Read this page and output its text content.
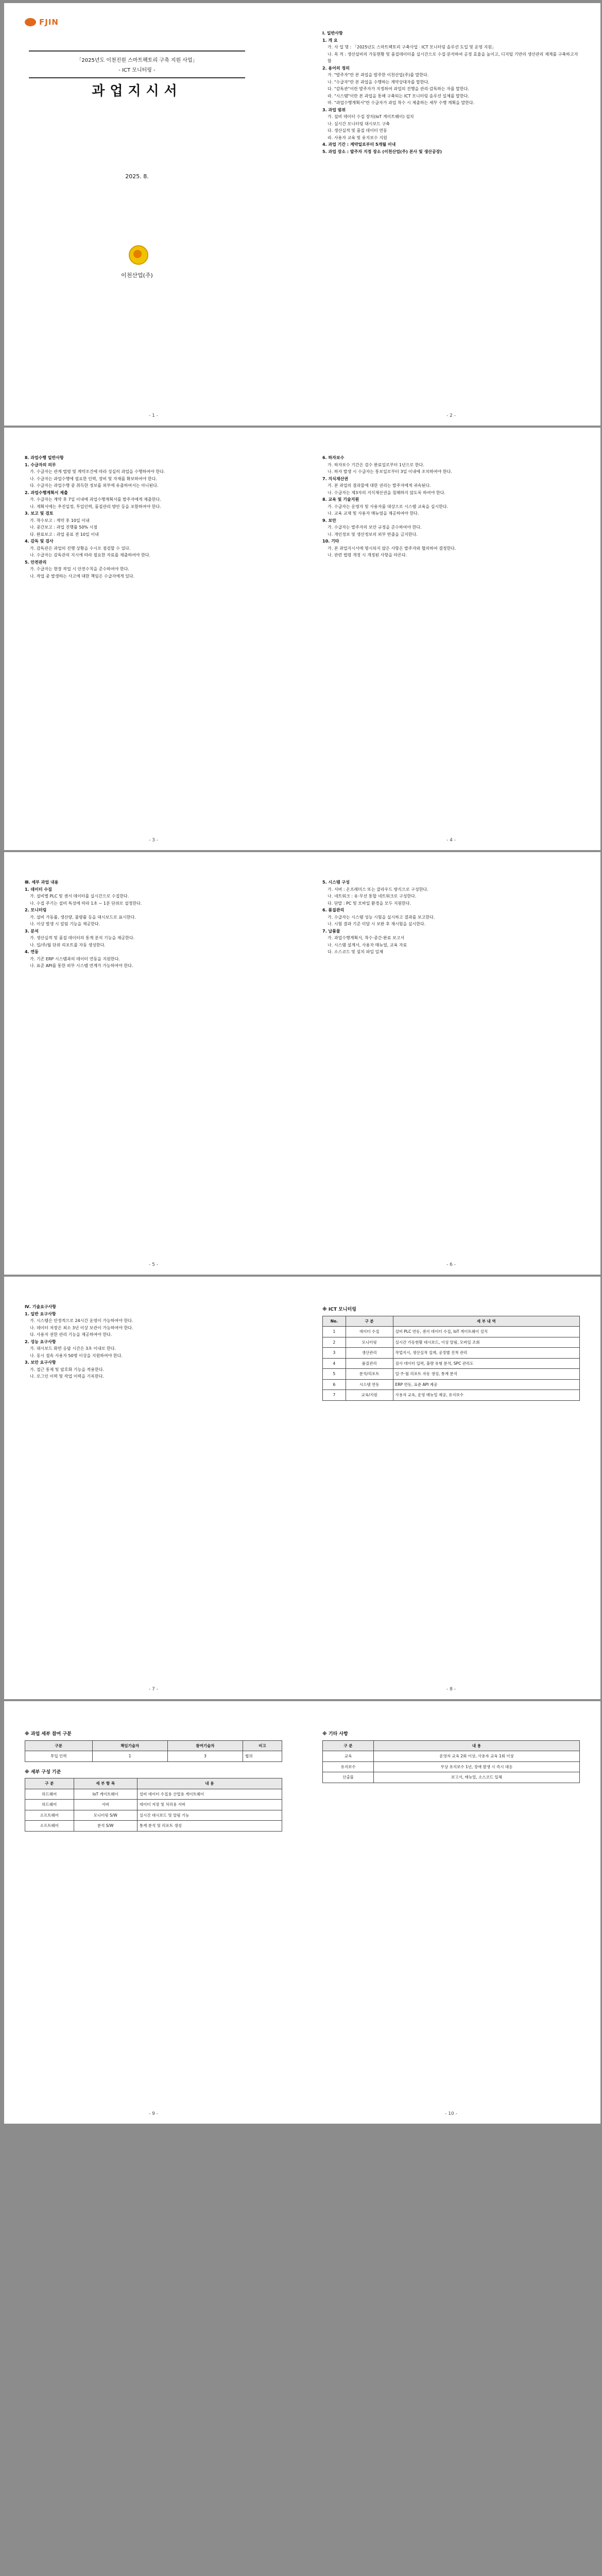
FJIN
「2025년도 이천진원 스마트팩토리 구축 지원 사업」
- ICT 모니터링 -
과업지시서
2025. 8.
이천산업(주)
- 1 -

Ⅰ. 일반사항

1. 개 요

가. 사 업 명 : 「2025년도 스마트팩토리 구축사업 · ICT 모니터링 솔루션 도입 및 운영 지원」

나. 목 적 : 생산설비의 가동현황 및 품질데이터를 실시간으로 수집·분석하여 공정 효율을 높이고, 디지털 기반의 생산관리 체계를 구축하고자 함

2. 용어의 정의

가. "발주자"란 본 과업을 발주한 이천산업(주)를 말한다.

나. "수급자"란 본 과업을 수행하는 계약상대자를 말한다.

다. "감독관"이란 발주자가 지정하여 과업의 진행을 관리·감독하는 자를 말한다.

라. "시스템"이란 본 과업을 통해 구축되는 ICT 모니터링 솔루션 일체를 말한다.

마. "과업수행계획서"란 수급자가 과업 착수 시 제출하는 세부 수행 계획을 말한다.

3. 과업 범위

가. 설비 데이터 수집 장치(IoT 게이트웨이) 설치

나. 실시간 모니터링 대시보드 구축

다. 생산실적 및 품질 데이터 연동

라. 사용자 교육 및 유지보수 지원

4. 과업 기간 : 계약일로부터 5개월 이내

5. 과업 장소 : 발주자 지정 장소 (이천산업(주) 본사 및 생산공장)

- 2 -

Ⅱ. 과업수행 일반사항

1. 수급자의 의무

가. 수급자는 관계 법령 및 계약조건에 따라 성실히 과업을 수행하여야 한다.

나. 수급자는 과업수행에 필요한 인력, 장비 및 자재를 확보하여야 한다.

다. 수급자는 과업수행 중 취득한 정보를 외부에 유출하여서는 아니된다.

2. 과업수행계획서 제출

가. 수급자는 계약 후 7일 이내에 과업수행계획서를 발주자에게 제출한다.

나. 계획서에는 추진일정, 투입인력, 품질관리 방안 등을 포함하여야 한다.

3. 보고 및 검토

가. 착수보고 : 계약 후 10일 이내

나. 중간보고 : 과업 진행률 50% 시점

다. 완료보고 : 과업 종료 전 10일 이내

4. 감독 및 검사

가. 감독관은 과업의 진행 상황을 수시로 점검할 수 있다.

나. 수급자는 감독관의 지시에 따라 필요한 자료를 제출하여야 한다.

5. 안전관리

가. 수급자는 현장 작업 시 안전수칙을 준수하여야 한다.

나. 작업 중 발생하는 사고에 대한 책임은 수급자에게 있다.

- 3 -

6. 하자보수

가. 하자보수 기간은 검수 완료일로부터 1년으로 한다.

나. 하자 발생 시 수급자는 통보일로부터 3일 이내에 조치하여야 한다.

7. 지식재산권

가. 본 과업의 결과물에 대한 권리는 발주자에게 귀속된다.

나. 수급자는 제3자의 지식재산권을 침해하지 않도록 하여야 한다.

8. 교육 및 기술지원

가. 수급자는 운영자 및 사용자를 대상으로 시스템 교육을 실시한다.

나. 교육 교재 및 사용자 매뉴얼을 제공하여야 한다.

9. 보안

가. 수급자는 발주자의 보안 규정을 준수하여야 한다.

나. 개인정보 및 생산정보의 외부 반출을 금지한다.

10. 기타

가. 본 과업지시서에 명시되지 않은 사항은 발주자와 협의하여 결정한다.

나. 관련 법령 개정 시 개정된 사항을 따른다.

- 4 -

Ⅲ. 세부 과업 내용

1. 데이터 수집

가. 설비별 PLC 및 센서 데이터를 실시간으로 수집한다.

나. 수집 주기는 설비 특성에 따라 1초 ~ 1분 단위로 설정한다.

2. 모니터링

가. 설비 가동률, 생산량, 불량률 등을 대시보드로 표시한다.

나. 이상 발생 시 알림 기능을 제공한다.

3. 분석

가. 생산실적 및 품질 데이터의 통계 분석 기능을 제공한다.

나. 일/주/월 단위 리포트를 자동 생성한다.

4. 연동

가. 기존 ERP 시스템과의 데이터 연동을 지원한다.

나. 표준 API를 통한 외부 시스템 연계가 가능하여야 한다.

- 5 -

5. 시스템 구성

가. 서버 : 온프레미스 또는 클라우드 방식으로 구성한다.

나. 네트워크 : 유·무선 통합 네트워크로 구성한다.

다. 단말 : PC 및 모바일 환경을 모두 지원한다.

6. 품질관리

가. 수급자는 시스템 성능 시험을 실시하고 결과를 보고한다.

나. 시험 결과 기준 미달 시 보완 후 재시험을 실시한다.

7. 납품물

가. 과업수행계획서, 착수·중간·완료 보고서

나. 시스템 설계서, 사용자 매뉴얼, 교육 자료

다. 소스코드 및 설치 파일 일체

- 6 -

Ⅳ. 기술요구사항

1. 일반 요구사항

가. 시스템은 안정적으로 24시간 운영이 가능하여야 한다.

나. 데이터 저장은 최소 3년 이상 보관이 가능하여야 한다.

다. 사용자 권한 관리 기능을 제공하여야 한다.

2. 성능 요구사항

가. 대시보드 화면 응답 시간은 3초 이내로 한다.

나. 동시 접속 사용자 50명 이상을 지원하여야 한다.

3. 보안 요구사항

가. 접근 통제 및 암호화 기능을 적용한다.

나. 로그인 이력 및 작업 이력을 기록한다.

- 7 -
※ ICT 모니터링
No.	구 분	세 부 내 역
1	데이터 수집	설비 PLC 연동, 센서 데이터 수집, IoT 게이트웨이 설치
2	모니터링	실시간 가동현황 대시보드, 이상 알림, 모바일 조회
3	생산관리	작업지시, 생산실적 집계, 공정별 진척 관리
4	품질관리	검사 데이터 입력, 불량 유형 분석, SPC 관리도
5	분석/리포트	일·주·월 리포트 자동 생성, 통계 분석
6	시스템 연동	ERP 연동, 표준 API 제공
7	교육/지원	사용자 교육, 운영 매뉴얼 제공, 유지보수
- 8 -
※ 과업 세부 참여 구분
구분	책임기술자	참여기술자	비고
투입 인력	1	3	협의
※ 세부 구성 기준
구 분	세 부 항 목	내 용
하드웨어	IoT 게이트웨이	설비 데이터 수집용 산업용 게이트웨이
하드웨어	서버	데이터 저장 및 처리용 서버
소프트웨어	모니터링 S/W	실시간 대시보드 및 알림 기능
소프트웨어	분석 S/W	통계 분석 및 리포트 생성
- 9 -
※ 기타 사항
구 분	내 용
교육	운영자 교육 2회 이상, 사용자 교육 1회 이상
유지보수	무상 유지보수 1년, 장애 발생 시 즉시 대응
산출물	보고서, 매뉴얼, 소스코드 일체
- 10 -
